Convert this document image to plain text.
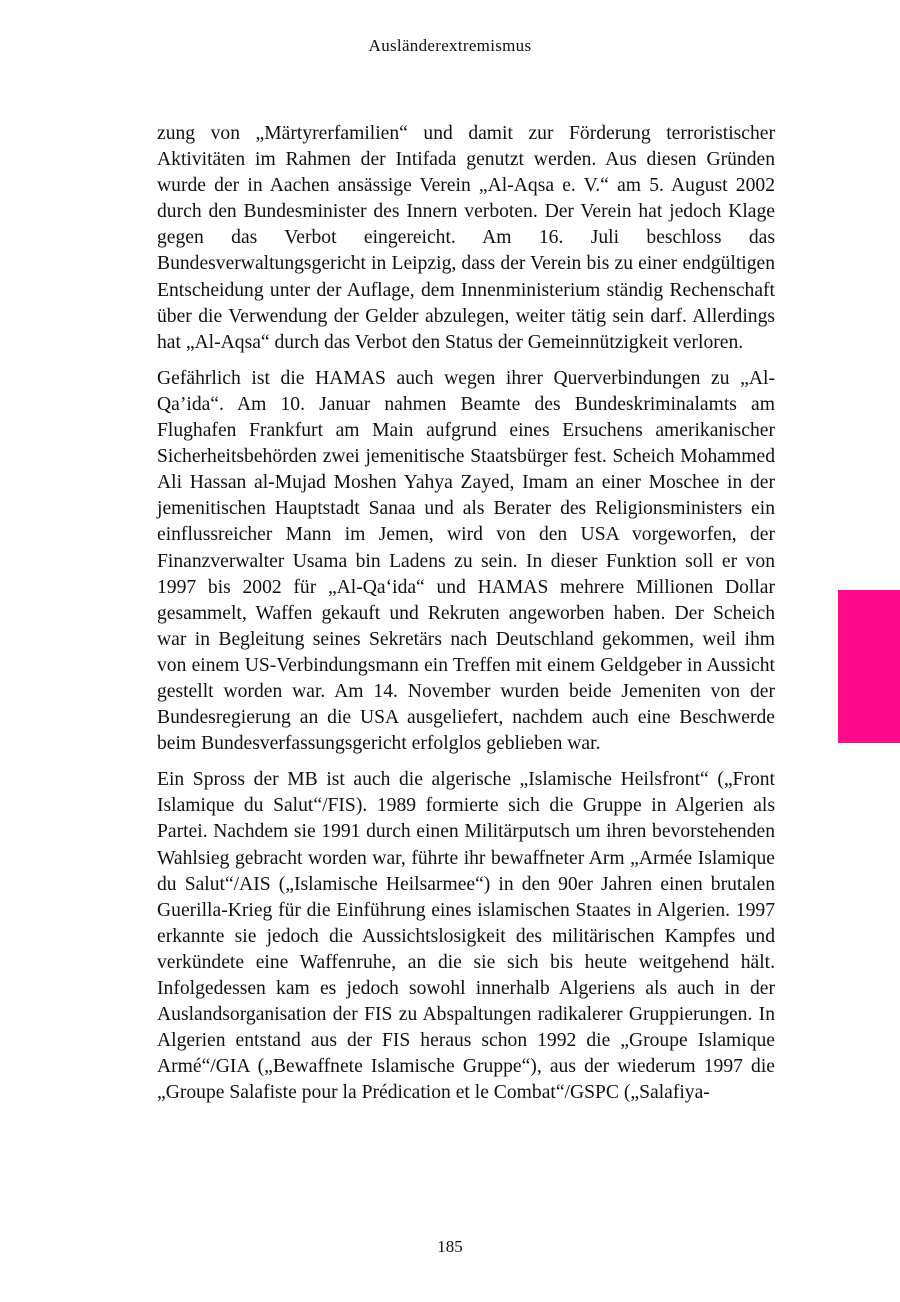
Ausländerextremismus

zung von „Märtyrerfamilien“ und damit zur Förderung terroristischer Aktivitäten im Rahmen der Intifada genutzt werden. Aus diesen Gründen wurde der in Aachen ansässige Verein „Al-Aqsa e. V.“ am 5. August 2002 durch den Bundesminister des Innern verboten. Der Verein hat jedoch Klage gegen das Verbot eingereicht. Am 16. Juli beschloss das Bundesverwaltungsgericht in Leipzig, dass der Verein bis zu einer endgültigen Entscheidung unter der Auflage, dem Innenministerium ständig Rechenschaft über die Verwendung der Gelder abzulegen, weiter tätig sein darf. Allerdings hat „Al-Aqsa“ durch das Verbot den Status der Gemeinnützigkeit verloren.

Gefährlich ist die HAMAS auch wegen ihrer Querverbindungen zu „Al-Qa’ida“. Am 10. Januar nahmen Beamte des Bundeskriminalamts am Flughafen Frankfurt am Main aufgrund eines Ersuchens amerikanischer Sicherheitsbehörden zwei jemenitische Staatsbürger fest. Scheich Mohammed Ali Hassan al-Mujad Moshen Yahya Zayed, Imam an einer Moschee in der jemenitischen Hauptstadt Sanaa und als Berater des Religionsministers ein einflussreicher Mann im Jemen, wird von den USA vorgeworfen, der Finanzverwalter Usama bin Ladens zu sein. In dieser Funktion soll er von 1997 bis 2002 für „Al-Qa‘ida“ und HAMAS mehrere Millionen Dollar gesammelt, Waffen gekauft und Rekruten angeworben haben. Der Scheich war in Begleitung seines Sekretärs nach Deutschland gekommen, weil ihm von einem US-Verbindungsmann ein Treffen mit einem Geldgeber in Aussicht gestellt worden war. Am 14. November wurden beide Jemeniten von der Bundesregierung an die USA ausgeliefert, nachdem auch eine Beschwerde beim Bundesverfassungsgericht erfolglos geblieben war.

Ein Spross der MB ist auch die algerische „Islamische Heilsfront“ („Front Islamique du Salut“/FIS). 1989 formierte sich die Gruppe in Algerien als Partei. Nachdem sie 1991 durch einen Militärputsch um ihren bevorstehenden Wahlsieg gebracht worden war, führte ihr bewaffneter Arm „Armée Islamique du Salut“/AIS („Islamische Heilsarmee“) in den 90er Jahren einen brutalen Guerilla-Krieg für die Einführung eines islamischen Staates in Algerien. 1997 erkannte sie jedoch die Aussichtslosigkeit des militärischen Kampfes und verkündete eine Waffenruhe, an die sie sich bis heute weitgehend hält. Infolgedessen kam es jedoch sowohl innerhalb Algeriens als auch in der Auslandsorganisation der FIS zu Abspaltungen radikalerer Gruppierungen. In Algerien entstand aus der FIS heraus schon 1992 die „Groupe Islamique Armé“/GIA („Bewaffnete Islamische Gruppe“), aus der wiederum 1997 die „Groupe Salafiste pour la Prédication et le Combat“/GSPC („Salafiya-

185
